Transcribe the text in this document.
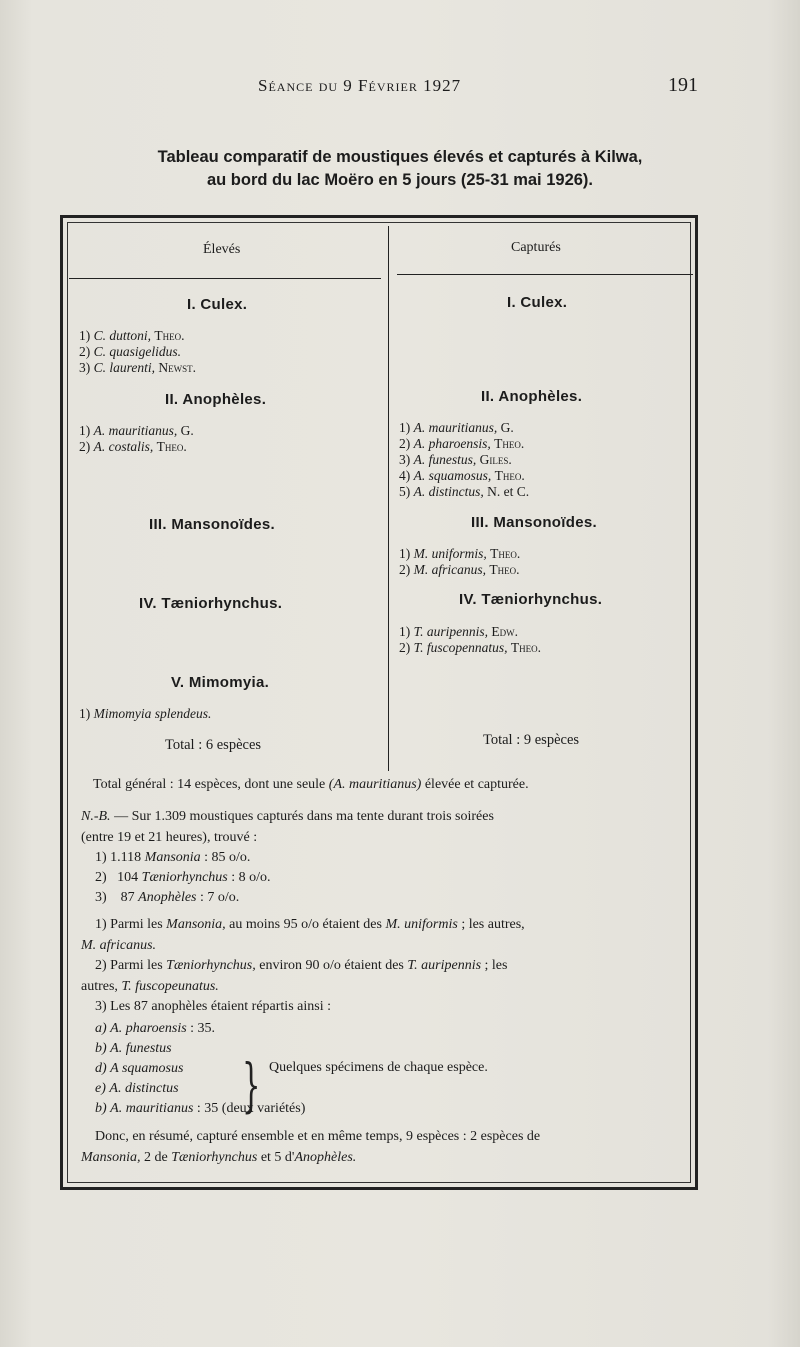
Séance du 9 Février 1927	191
Tableau comparatif de moustiques élevés et capturés à Kilwa,
au bord du lac Moëro en 5 jours (25-31 mai 1926).
Élevés	Capturés
I. Culex.
1) C. duttoni, Theo.
2) C. quasigelidus.
3) C. laurenti, Newst.
II. Anophèles.
1) A. mauritianus, G.
2) A. costalis, Theo.
III. Mansonoïdes.
IV. Tæniorhynchus.
V. Mimomyia.
1) Mimomyia splendeus.
Total : 6 espèces
I. Culex.
II. Anophèles.
1) A. mauritianus, G.
2) A. pharoensis, Theo.
3) A. funestus, Giles.
4) A. squamosus, Theo.
5) A. distinctus, N. et C.
III. Mansonoïdes.
1) M. uniformis, Theo.
2) M. africanus, Theo.
IV. Tæniorhynchus.
1) T. auripennis, Edw.
2) T. fuscopennatus, Theo.
Total : 9 espèces
Total général : 14 espèces, dont une seule (A. mauritianus) élevée et capturée.
N.-B. — Sur 1.309 moustiques capturés dans ma tente durant trois soirées
(entre 19 et 21 heures), trouvé :
1) 1.118 Mansonia : 85 o/o.
2) 104 Tæniorhynchus : 8 o/o.
3) 87 Anophèles : 7 o/o.
1) Parmi les Mansonia, au moins 95 o/o étaient des M. uniformis ; les autres,
M. africanus.
2) Parmi les Tæniorhynchus, environ 90 o/o étaient des T. auripennis ; les
autres, T. fuscopeunatus.
3) Les 87 anophèles étaient répartis ainsi :
a) A. pharoensis : 35.
b) A. funestus
d) A squamosus
e) A. distinctus } Quelques spécimens de chaque espèce.
b) A. mauritianus : 35 (deux variétés)
Donc, en résumé, capturé ensemble et en même temps, 9 espèces : 2 espèces de
Mansonia, 2 de Tæniorhynchus et 5 d'Anophèles.
